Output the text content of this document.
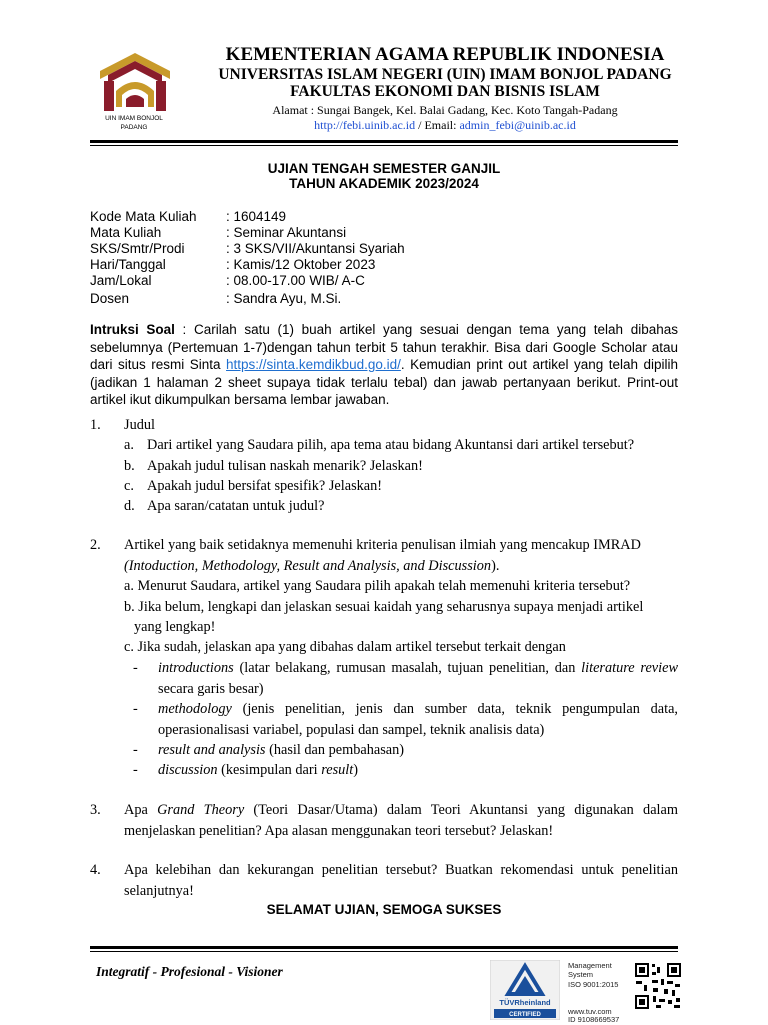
UIN IMAM BONJOL
PADANG
KEMENTERIAN AGAMA REPUBLIK INDONESIA
UNIVERSITAS ISLAM NEGERI (UIN) IMAM BONJOL PADANG
FAKULTAS EKONOMI DAN BISNIS ISLAM
Alamat : Sungai Bangek, Kel. Balai Gadang, Kec. Koto Tangah-Padang
http://febi.uinib.ac.id / Email: admin_febi@uinib.ac.id
UJIAN TENGAH SEMESTER GANJIL
TAHUN AKADEMIK 2023/2024
Kode Mata Kuliah : 1604149
Mata Kuliah	: Seminar Akuntansi
SKS/Smtr/Prodi	: 3 SKS/VII/Akuntansi Syariah
Hari/Tanggal	: Kamis/12 Oktober 2023
Jam/Lokal	: 08.00-17.00 WIB/ A-C
Dosen	: Sandra Ayu, M.Si.
Intruksi Soal : Carilah satu (1) buah artikel yang sesuai dengan tema yang telah dibahas sebelumnya (Pertemuan 1-7)dengan tahun terbit 5 tahun terakhir. Bisa dari Google Scholar atau dari situs resmi Sinta https://sinta.kemdikbud.go.id/. Kemudian print out artikel yang telah dipilih (jadikan 1 halaman 2 sheet supaya tidak terlalu tebal) dan jawab pertanyaan berikut. Print-out artikel ikut dikumpulkan bersama lembar jawaban.
1. Judul
a. Dari artikel yang Saudara pilih, apa tema atau bidang Akuntansi dari artikel tersebut?
b. Apakah judul tulisan naskah menarik? Jelaskan!
c. Apakah judul bersifat spesifik? Jelaskan!
d. Apa saran/catatan untuk judul?
2. Artikel yang baik setidaknya memenuhi kriteria penulisan ilmiah yang mencakup IMRAD
(Intoduction, Methodology, Result and Analysis, and Discussion).
a. Menurut Saudara, artikel yang Saudara pilih apakah telah memenuhi kriteria tersebut?
b. Jika belum, lengkapi dan jelaskan sesuai kaidah yang seharusnya supaya menjadi artikel
yang lengkap!
c. Jika sudah, jelaskan apa yang dibahas dalam artikel tersebut terkait dengan
- introductions (latar belakang, rumusan masalah, tujuan penelitian, dan literature review secara garis besar)
- methodology (jenis penelitian, jenis dan sumber data, teknik pengumpulan data, operasionalisasi variabel, populasi dan sampel, teknik analisis data)
- result and analysis (hasil dan pembahasan)
- discussion (kesimpulan dari result)
3. Apa Grand Theory (Teori Dasar/Utama) dalam Teori Akuntansi yang digunakan dalam menjelaskan penelitian? Apa alasan menggunakan teori tersebut? Jelaskan!
4. Apa kelebihan dan kekurangan penelitian tersebut? Buatkan rekomendasi untuk penelitian selanjutnya!
SELAMAT UJIAN, SEMOGA SUKSES
Integratif - Profesional - Visioner
TÜVRheinland
CERTIFIED
Management
System
ISO 9001:2015
www.tuv.com
ID 9108669537
